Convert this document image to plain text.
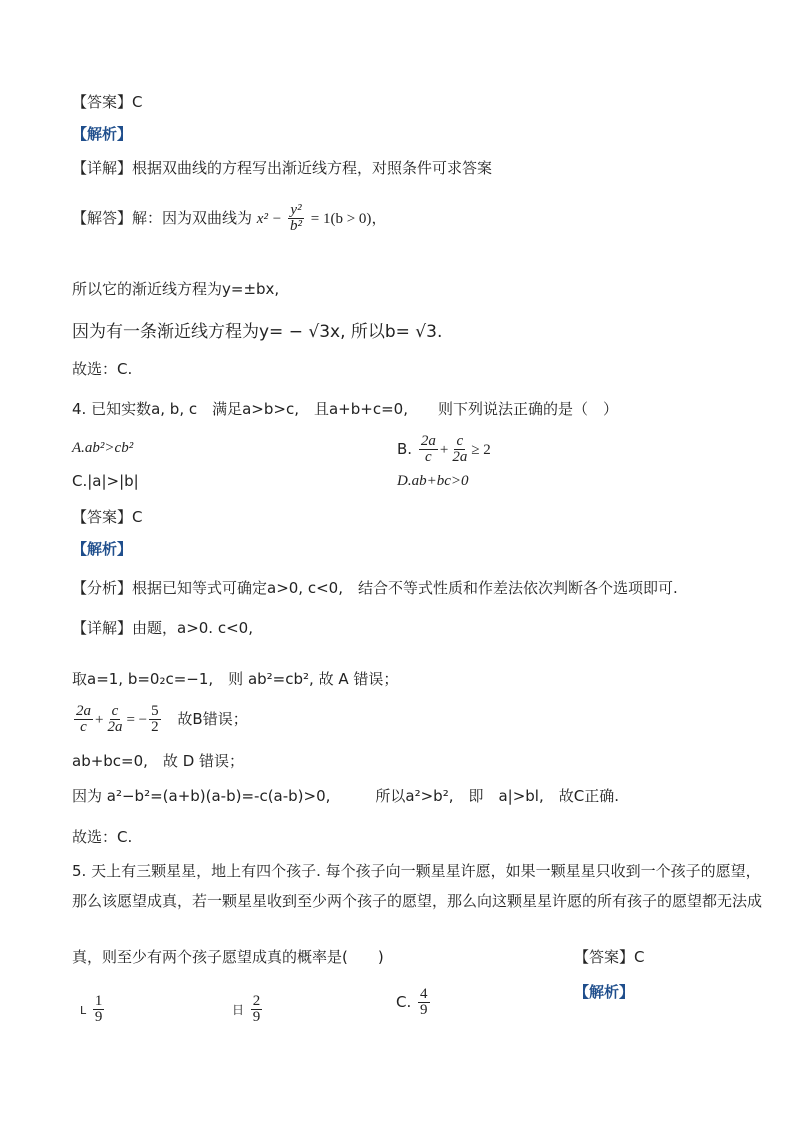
【答案】C
【解析】
【详解】根据双曲线的方程写出渐近线方程，对照条件可求答案
【解答】解：因为双曲线为 $x^2 - \frac{\text{y²}}{\text{b²}} = 1(b > 0)$，
所以它的渐近线方程为y=±bx,
因为有一条渐近线方程为y= − √3x, 所以b= √3.
故选：C.
4. 已知实数a, b, c　满足a>b>c,　且a+b+c=0,　　则下列说法正确的是（　）
A.ab²>cb²	B. $\frac{2a}{c} + \frac{c}{2a} \ge 2$
C.|a|>|b|	D.ab+bc>0
【答案】C
【解析】
【分析】根据已知等式可确定a>0, c<0,　结合不等式性质和作差法依次判断各个选项即可.
【详解】由题，a>0. c<0,
取a=1, b=0₂c=−1,　则 ab²=cb², 故 A 错误；
$\frac{2a}{c} + \frac{c}{2a}$ = − $\frac{5}{2}$ 故B错误；
ab+bc=0,　故 D 错误；
因为 a²−b²=(a+b)(a-b)=-c(a-b)>0,　　　所以a²>b²,　即　a|>bl,　故C正确.
故选：C.
5. 天上有三颗星星，地上有四个孩子. 每个孩子向一颗星星许愿，如果一颗星星只收到一个孩子的愿望，
那么该愿望成真，若一颗星星收到至少两个孩子的愿望，那么向这颗星星许愿的所有孩子的愿望都无法成
真，则至少有两个孩子愿望成真的概率是(　　)	【答案】C
【解析】
L $\frac{1}{9}$	日 $\frac{2}{9}$	C. $\frac{4}{9}$
